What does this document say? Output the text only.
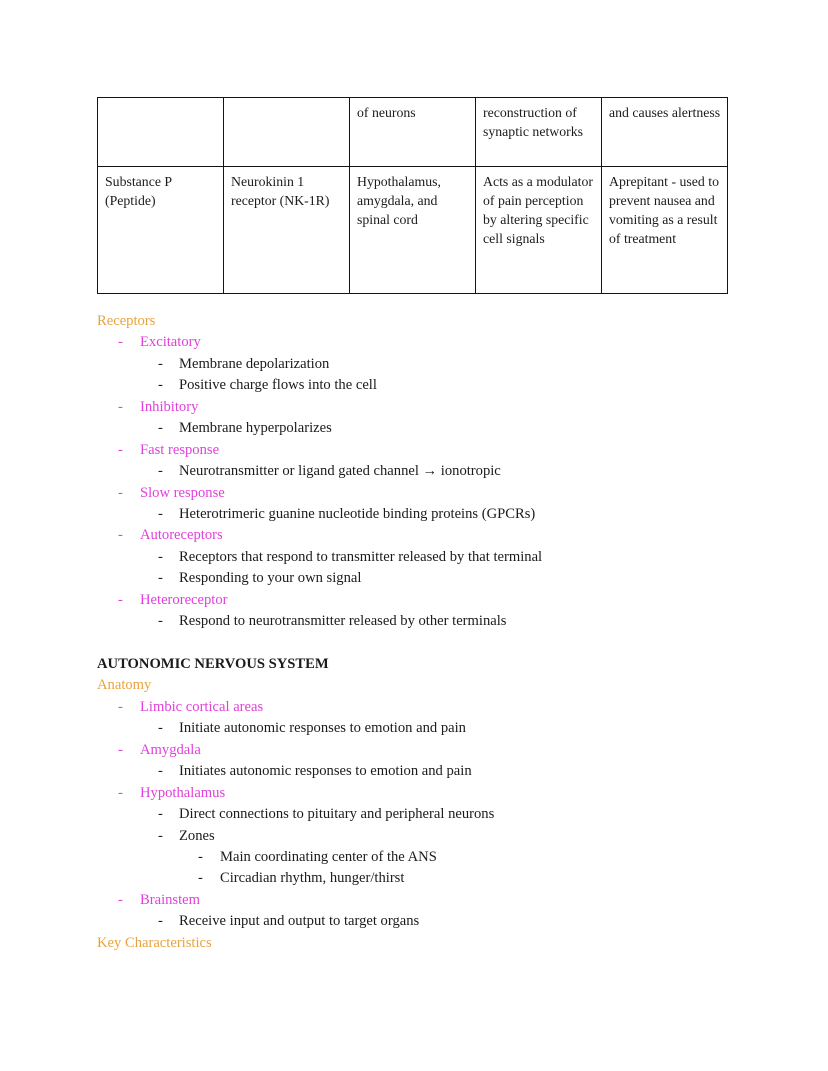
		of neurons	reconstruction of synaptic networks	and causes alertness
Substance P (Peptide)	Neurokinin 1 receptor (NK-1R)	Hypothalamus, amygdala, and spinal cord	Acts as a modulator of pain perception by altering specific cell signals	Aprepitant - used to prevent nausea and vomiting as a result of treatment
Receptors
-	Excitatory
-	Membrane depolarization
-	Positive charge flows into the cell
-	Inhibitory
-	Membrane hyperpolarizes
-	Fast response
-	Neurotransmitter or ligand gated channel → ionotropic
-	Slow response
-	Heterotrimeric guanine nucleotide binding proteins (GPCRs)
-	Autoreceptors
-	Receptors that respond to transmitter released by that terminal
-	Responding to your own signal
-	Heteroreceptor
-	Respond to neurotransmitter released by other terminals
AUTONOMIC NERVOUS SYSTEM
Anatomy
-	Limbic cortical areas
-	Initiate autonomic responses to emotion and pain
-	Amygdala
-	Initiates autonomic responses to emotion and pain
-	Hypothalamus
-	Direct connections to pituitary and peripheral neurons
-	Zones
-	Main coordinating center of the ANS
-	Circadian rhythm, hunger/thirst
-	Brainstem
-	Receive input and output to target organs
Key Characteristics
